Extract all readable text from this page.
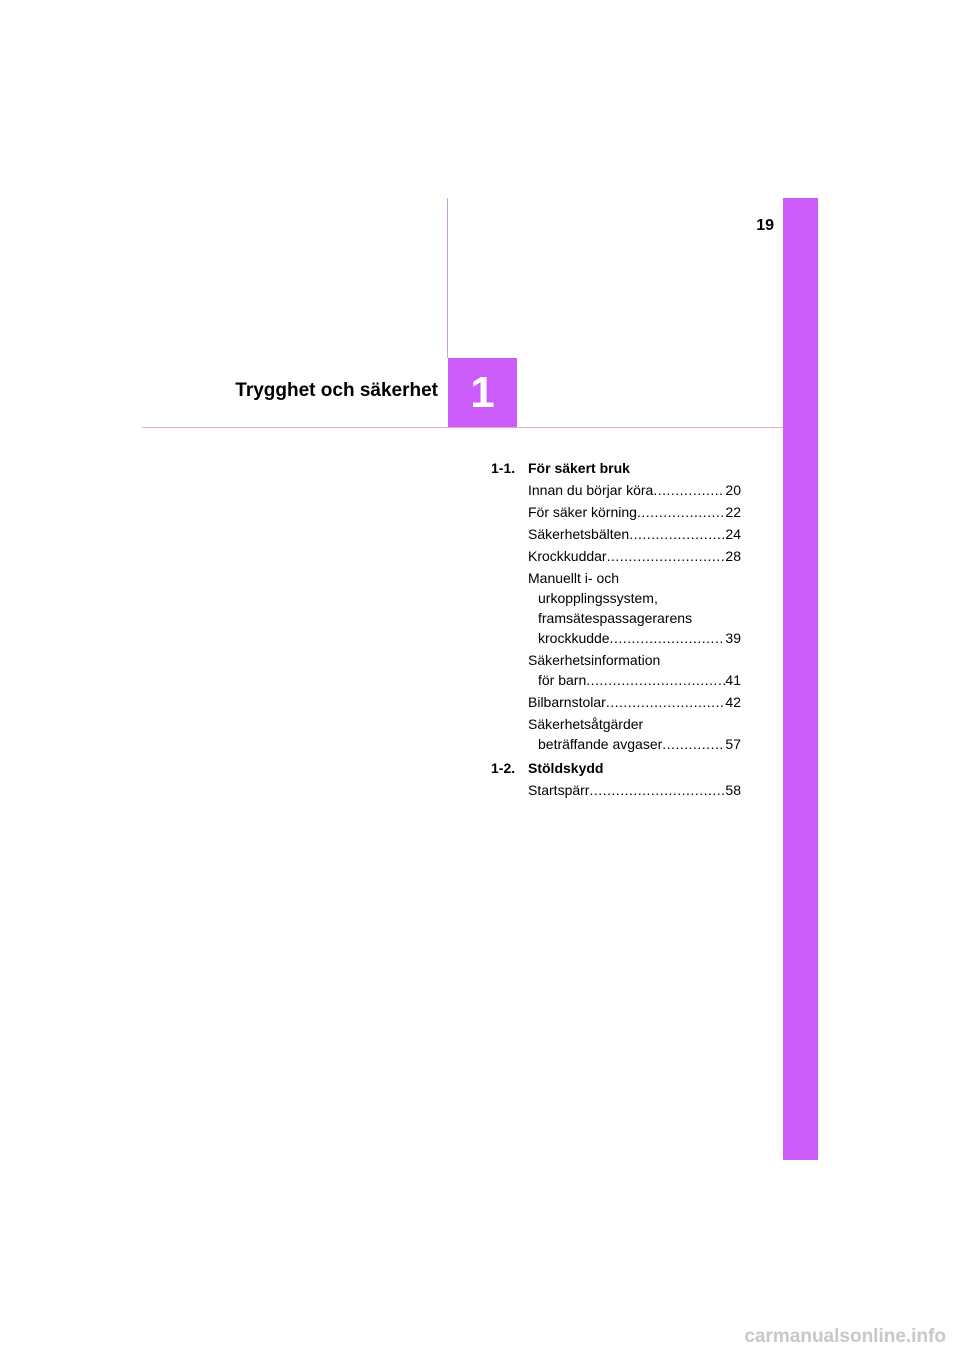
Trygghet och säkerhet 1
19
1-1. För säkert bruk
Innan du börjar köra .....	20
För säker körning .....	22
Säkerhetsbälten .....	24
Krockkuddar .....	28
Manuellt i- och
urkopplingssystem,
framsätespassagerarens
krockkudde .....	39
Säkerhetsinformation
för barn .....	41
Bilbarnstolar .....	42
Säkerhetsåtgärder
beträffande avgaser .....	57
1-2. Stöldskydd
Startspärr .....	58
carmanualsonline.info
